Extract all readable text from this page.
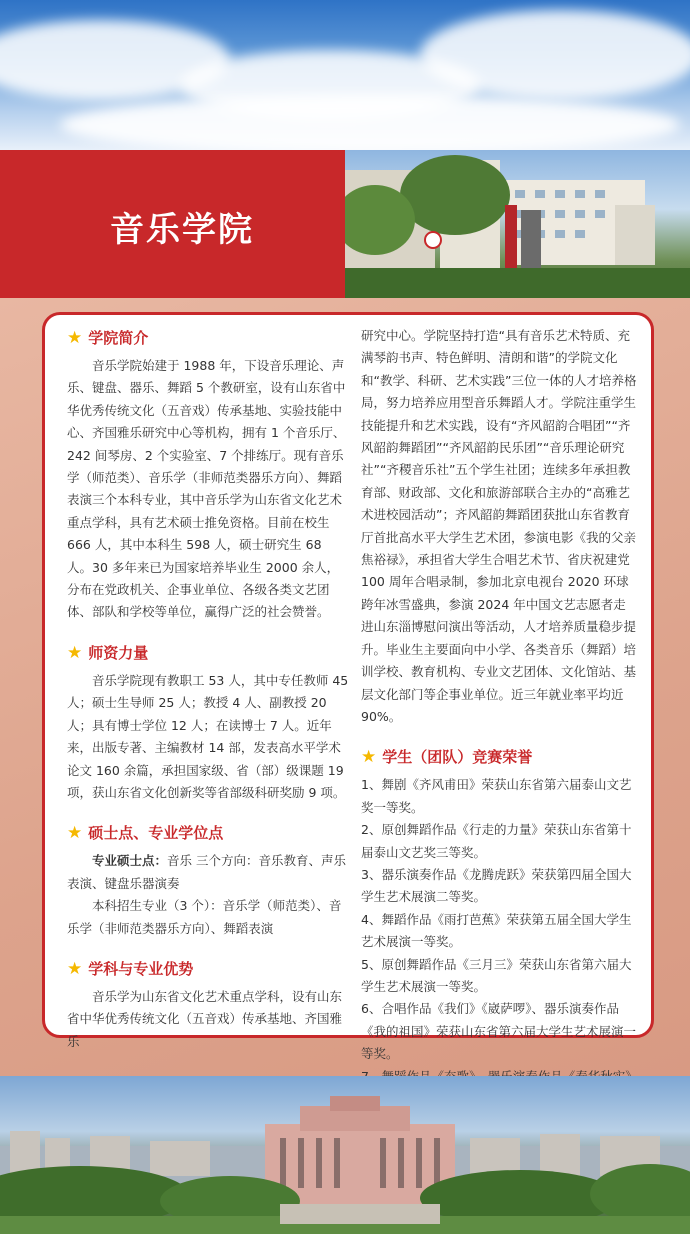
音乐学院
★ 学院简介

音乐学院始建于 1988 年，下设音乐理论、声乐、键盘、器乐、舞蹈 5 个教研室，设有山东省中华优秀传统文化（五音戏）传承基地、实验技能中心、齐国雅乐研究中心等机构，拥有 1 个音乐厅、242 间琴房、2 个实验室、7 个排练厅。现有音乐学（师范类）、音乐学（非师范类器乐方向）、舞蹈表演三个本科专业，其中音乐学为山东省文化艺术重点学科，具有艺术硕士推免资格。目前在校生 666 人，其中本科生 598 人，硕士研究生 68 人。30 多年来已为国家培养毕业生 2000 余人，分布在党政机关、企事业单位、各级各类文艺团体、部队和学校等单位，赢得广泛的社会赞誉。

★ 师资力量

音乐学院现有教职工 53 人，其中专任教师 45 人；硕士生导师 25 人；教授 4 人、副教授 20 人；具有博士学位 12 人；在读博士 7 人。近年来，出版专著、主编教材 14 部，发表高水平学术论文 160 余篇，承担国家级、省（部）级课题 19 项，获山东省文化创新奖等省部级科研奖励 9 项。

★ 硕士点、专业学位点

专业硕士点：音乐 三个方向：音乐教育、声乐表演、键盘乐器演奏

本科招生专业（3 个）：音乐学（师范类）、音乐学（非师范类器乐方向）、舞蹈表演

★ 学科与专业优势

音乐学为山东省文化艺术重点学科，设有山东省中华优秀传统文化（五音戏）传承基地、齐国雅乐

研究中心。学院坚持打造“具有音乐艺术特质、充满琴韵书声、特色鲜明、清朗和谐”的学院文化和“教学、科研、艺术实践”三位一体的人才培养格局，努力培养应用型音乐舞蹈人才。学院注重学生技能提升和艺术实践，设有“齐风韶韵合唱团”“齐风韶韵舞蹈团”“齐风韶韵民乐团”“音乐理论研究社”“齐稷音乐社”五个学生社团；连续多年承担教育部、财政部、文化和旅游部联合主办的“高雅艺术进校园活动”；齐风韶韵舞蹈团获批山东省教育厅首批高水平大学生艺术团，参演电影《我的父亲焦裕禄》，承担省大学生合唱艺术节、省庆祝建党 100 周年合唱录制，参加北京电视台 2020 环球跨年冰雪盛典，参演 2024 年中国文艺志愿者走进山东淄博慰问演出等活动，人才培养质量稳步提升。毕业生主要面向中小学、各类音乐（舞蹈）培训学校、教育机构、专业文艺团体、文化馆站、基层文化部门等企事业单位。近三年就业率平均近 90%。

★ 学生（团队）竞赛荣誉

1、舞剧《齐风甫田》荣获山东省第六届泰山文艺奖一等奖。

2、原创舞蹈作品《行走的力量》荣获山东省第十届泰山文艺奖三等奖。

3、器乐演奏作品《龙腾虎跃》荣获第四届全国大学生艺术展演二等奖。

4、舞蹈作品《雨打芭蕉》荣获第五届全国大学生艺术展演一等奖。

5、原创舞蹈作品《三月三》荣获山东省第六届大学生艺术展演一等奖。

6、合唱作品《我们》《崴萨啰》、器乐演奏作品《我的祖国》荣获山东省第六届大学生艺术展演一等奖。
